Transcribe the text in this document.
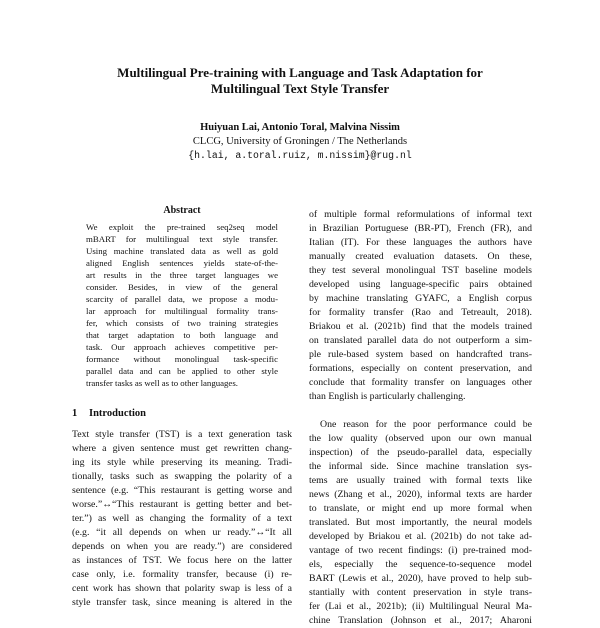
Multilingual Pre-training with Language and Task Adaptation for
Multilingual Text Style Transfer
Huiyuan Lai, Antonio Toral, Malvina Nissim
CLCG, University of Groningen / The Netherlands
{h.lai, a.toral.ruiz, m.nissim}@rug.nl
Abstract
We exploit the pre-trained seq2seq model
mBART for multilingual text style transfer.
Using machine translated data as well as gold
aligned English sentences yields state-of-the-
art results in the three target languages we
consider. Besides, in view of the general
scarcity of parallel data, we propose a modu-
lar approach for multilingual formality trans-
fer, which consists of two training strategies
that target adaptation to both language and
task. Our approach achieves competitive per-
formance without monolingual task-specific
parallel data and can be applied to other style
transfer tasks as well as to other languages.
1 Introduction
Text style transfer (TST) is a text generation task
where a given sentence must get rewritten chang-
ing its style while preserving its meaning. Tradi-
tionally, tasks such as swapping the polarity of a
sentence (e.g. “This restaurant is getting worse and
worse.”↔“This restaurant is getting better and bet-
ter.”) as well as changing the formality of a text
(e.g. “it all depends on when ur ready.”↔“It all
depends on when you are ready.”) are considered
as instances of TST. We focus here on the latter
case only, i.e. formality transfer, because (i) re-
cent work has shown that polarity swap is less of a
style transfer task, since meaning is altered in the
of multiple formal reformulations of informal text
in Brazilian Portuguese (BR-PT), French (FR), and
Italian (IT). For these languages the authors have
manually created evaluation datasets. On these,
they test several monolingual TST baseline models
developed using language-specific pairs obtained
by machine translating GYAFC, a English corpus
for formality transfer (Rao and Tetreault, 2018).
Briakou et al. (2021b) find that the models trained
on translated parallel data do not outperform a sim-
ple rule-based system based on handcrafted trans-
formations, especially on content preservation, and
conclude that formality transfer on languages other
than English is particularly challenging.
One reason for the poor performance could be
the low quality (observed upon our own manual
inspection) of the pseudo-parallel data, especially
the informal side. Since machine translation sys-
tems are usually trained with formal texts like
news (Zhang et al., 2020), informal texts are harder
to translate, or might end up more formal when
translated. But most importantly, the neural models
developed by Briakou et al. (2021b) do not take ad-
vantage of two recent findings: (i) pre-trained mod-
els, especially the sequence-to-sequence model
BART (Lewis et al., 2020), have proved to help sub-
stantially with content preservation in style trans-
fer (Lai et al., 2021b); (ii) Multilingual Neural Ma-
chine Translation (Johnson et al., 2017; Aharoni
